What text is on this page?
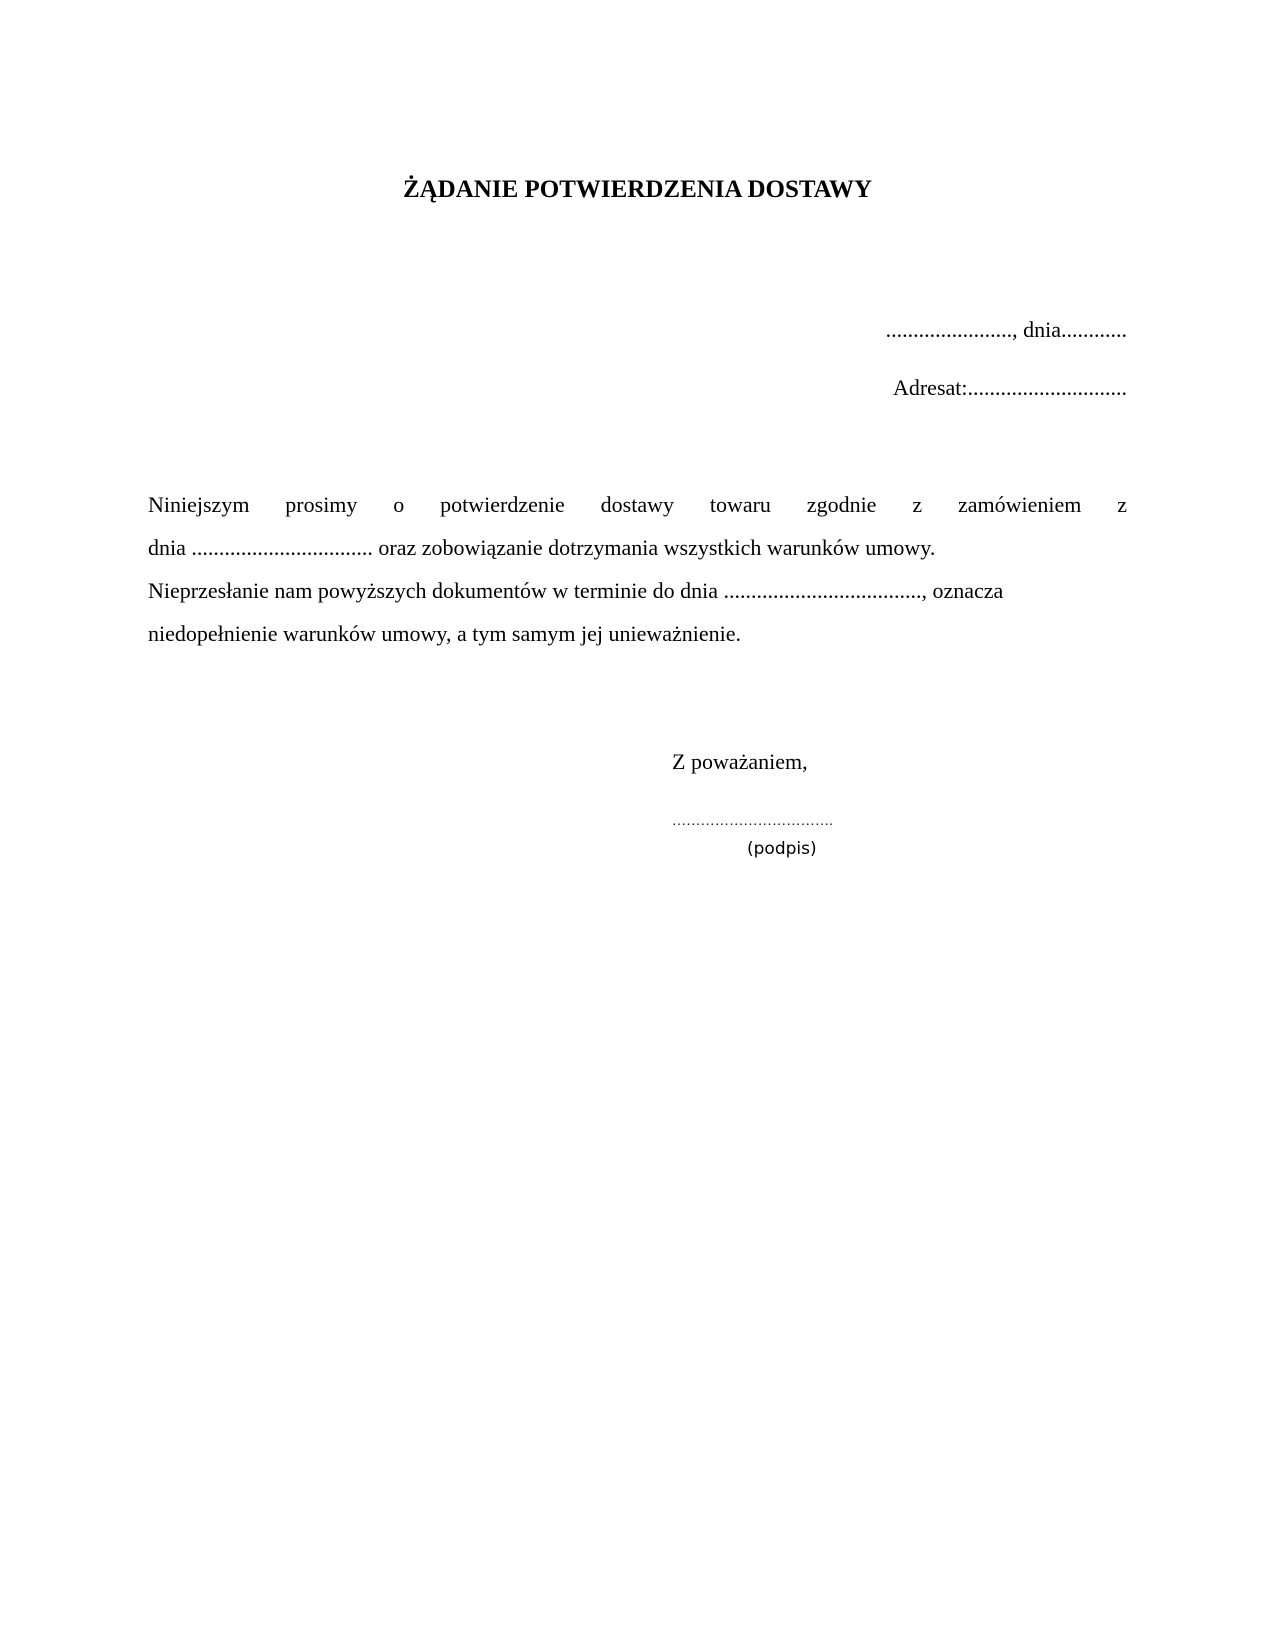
ŻĄDANIE POTWIERDZENIA DOSTAWY
......................., dnia............
Adresat:.............................
Niniejszym prosimy o potwierdzenie dostawy towaru zgodnie z zamówieniem z
dnia ................................. oraz zobowiązanie dotrzymania wszystkich warunków umowy.
Nieprzesłanie nam powyższych dokumentów w terminie do dnia ...................................., oznacza
niedopełnienie warunków umowy, a tym samym jej unieważnienie.
Z poważaniem,
…………………………….
(podpis)
